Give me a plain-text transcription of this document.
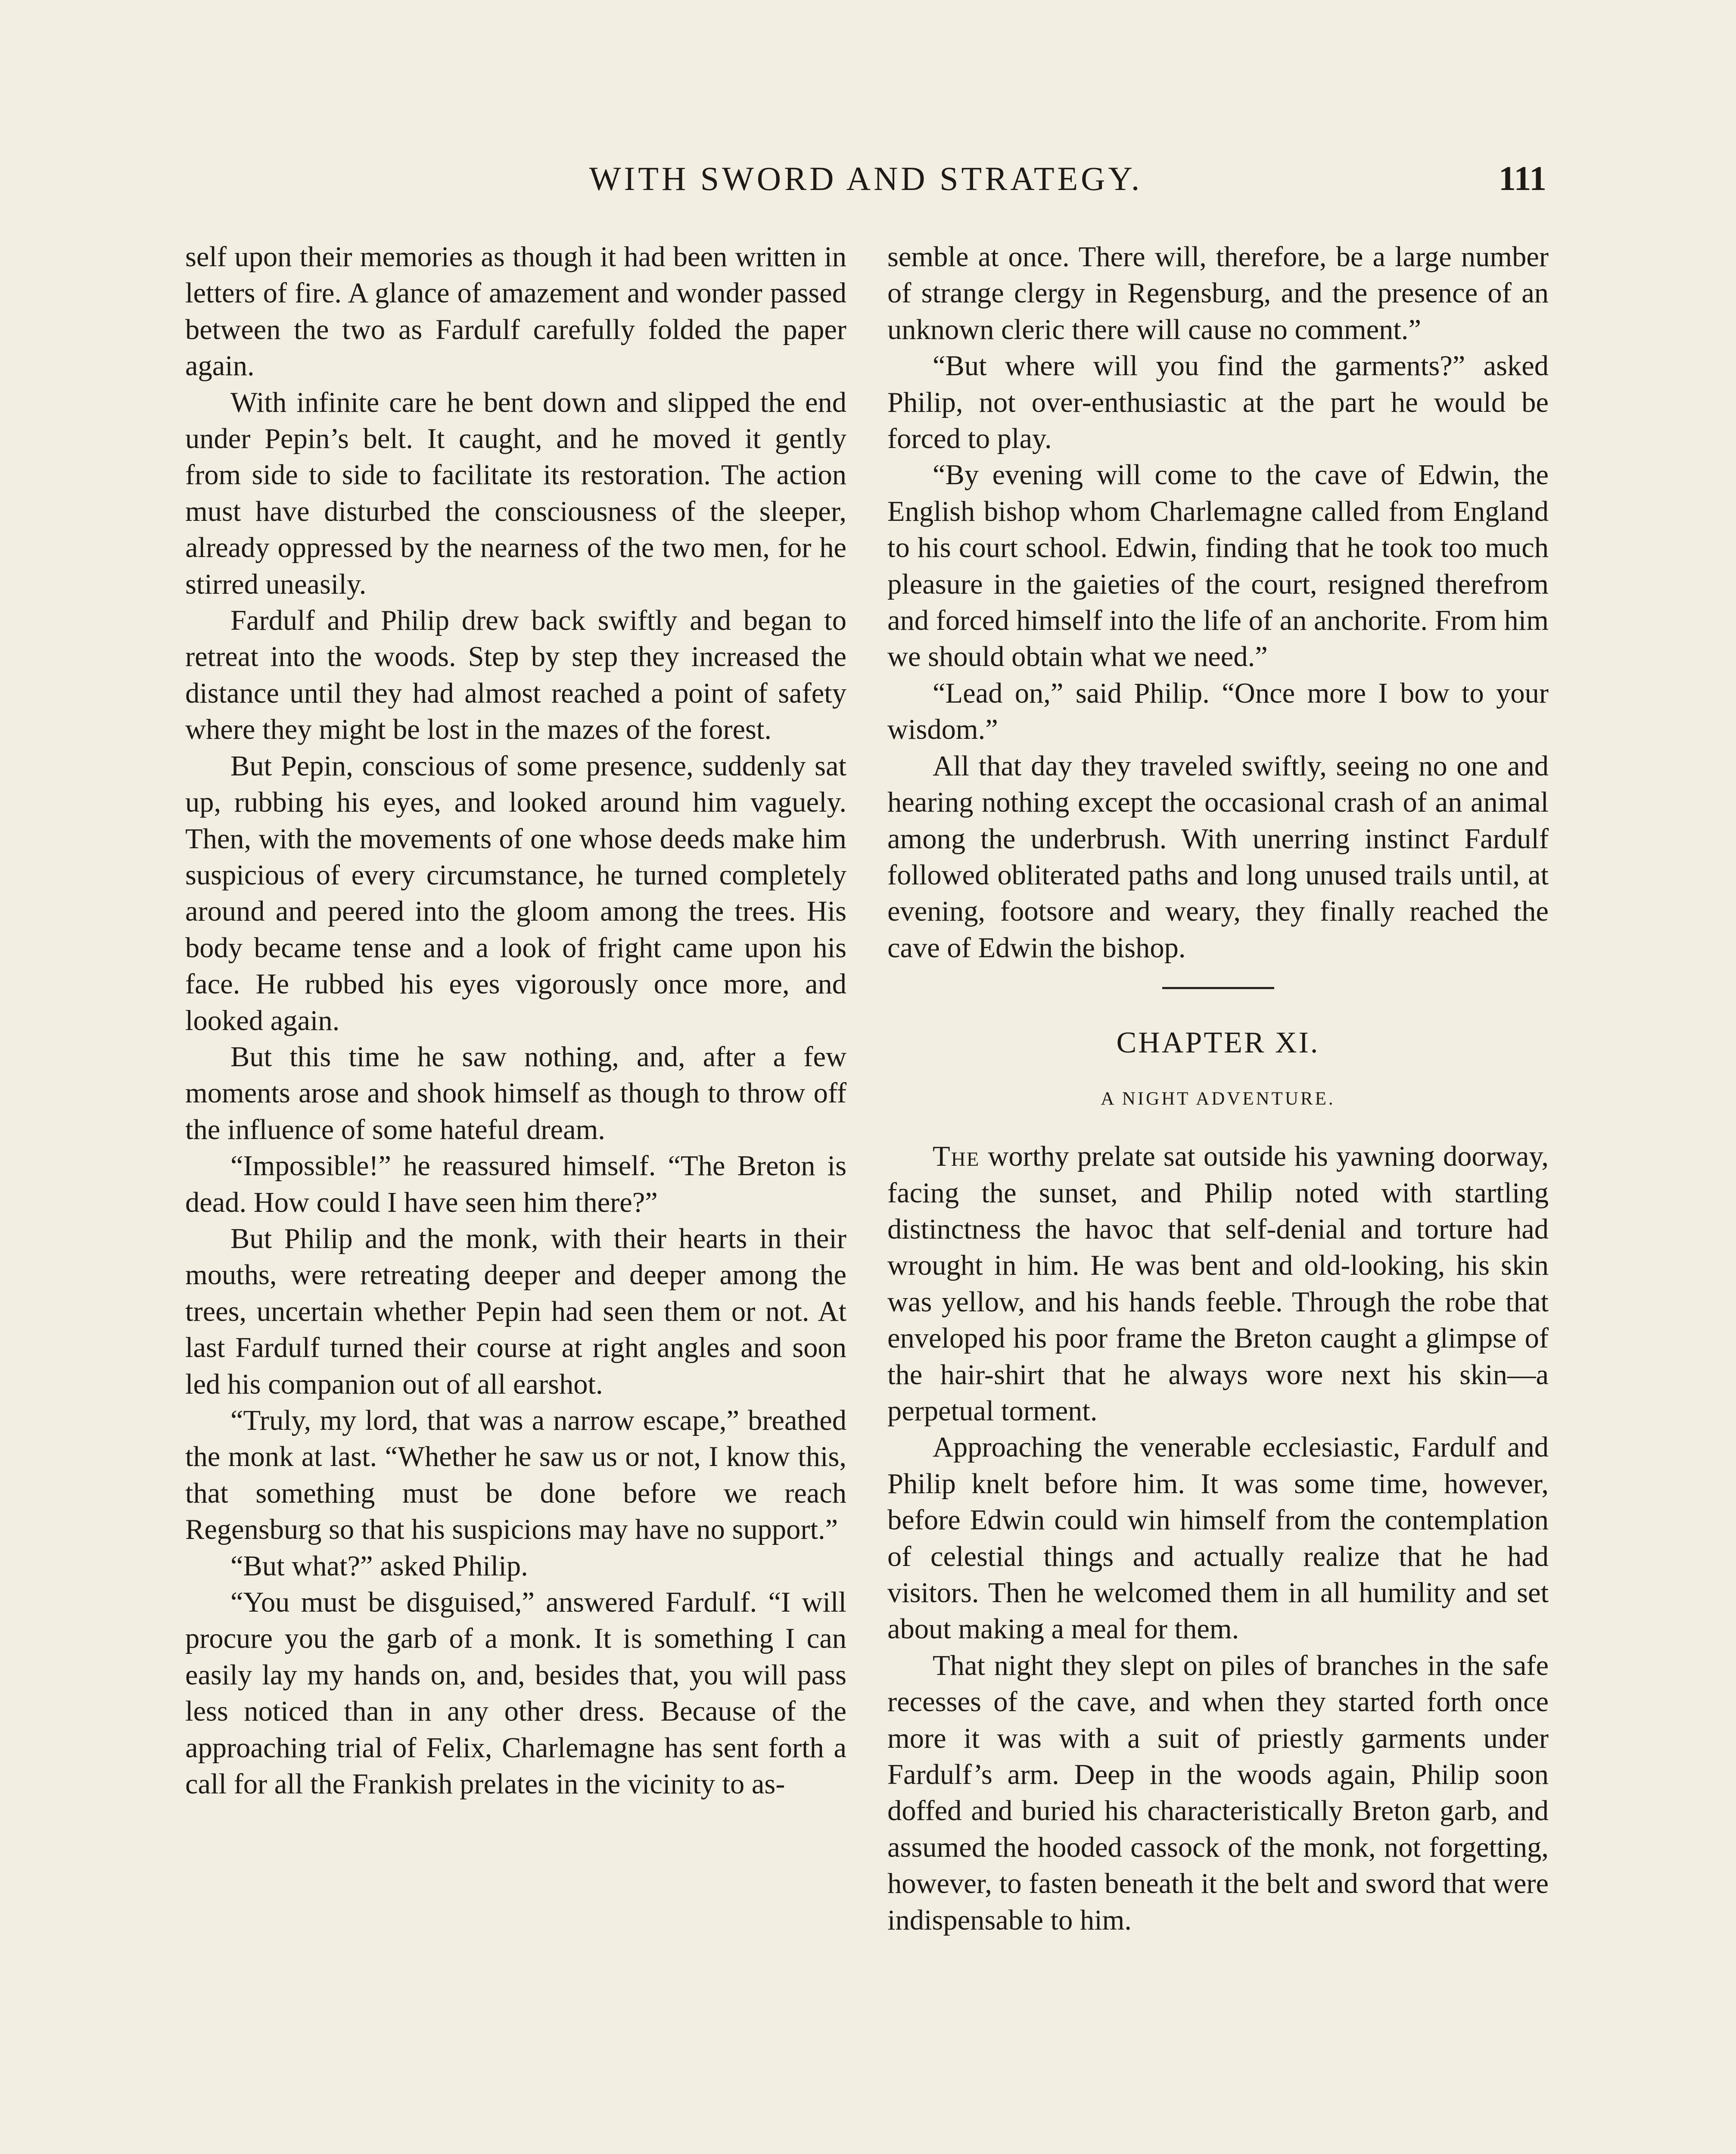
WITH SWORD AND STRATEGY.	111

self upon their memories as though it had been written in letters of fire. A glance of amazement and wonder passed between the two as Fardulf carefully folded the paper again.

With infinite care he bent down and slipped the end under Pepin’s belt. It caught, and he moved it gently from side to side to facilitate its restoration. The action must have disturbed the consciousness of the sleeper, already oppressed by the nearness of the two men, for he stirred uneasily.

Fardulf and Philip drew back swiftly and began to retreat into the woods. Step by step they increased the distance until they had almost reached a point of safety where they might be lost in the mazes of the forest.

But Pepin, conscious of some presence, suddenly sat up, rubbing his eyes, and looked around him vaguely. Then, with the movements of one whose deeds make him suspicious of every circumstance, he turned completely around and peered into the gloom among the trees. His body became tense and a look of fright came upon his face. He rubbed his eyes vigorously once more, and looked again.

But this time he saw nothing, and, after a few moments arose and shook himself as though to throw off the influence of some hateful dream.

“Impossible!” he reassured himself. “The Breton is dead. How could I have seen him there?”

But Philip and the monk, with their hearts in their mouths, were retreating deeper and deeper among the trees, uncertain whether Pepin had seen them or not. At last Fardulf turned their course at right angles and soon led his companion out of all earshot.

“Truly, my lord, that was a narrow escape,” breathed the monk at last. “Whether he saw us or not, I know this, that something must be done before we reach Regensburg so that his suspicions may have no support.”

“But what?” asked Philip.

“You must be disguised,” answered Fardulf. “I will procure you the garb of a monk. It is something I can easily lay my hands on, and, besides that, you will pass less noticed than in any other dress. Because of the approaching trial of Felix, Charlemagne has sent forth a call for all the Frankish prelates in the vicinity to as-

semble at once. There will, therefore, be a large number of strange clergy in Regensburg, and the presence of an unknown cleric there will cause no comment.”

“But where will you find the garments?” asked Philip, not over-enthusiastic at the part he would be forced to play.

“By evening will come to the cave of Edwin, the English bishop whom Charlemagne called from England to his court school. Edwin, finding that he took too much pleasure in the gaieties of the court, resigned therefrom and forced himself into the life of an anchorite. From him we should obtain what we need.”

“Lead on,” said Philip. “Once more I bow to your wisdom.”

All that day they traveled swiftly, seeing no one and hearing nothing except the occasional crash of an animal among the underbrush. With unerring instinct Fardulf followed obliterated paths and long unused trails until, at evening, footsore and weary, they finally reached the cave of Edwin the bishop.

CHAPTER XI.
A NIGHT ADVENTURE.

The worthy prelate sat outside his yawning doorway, facing the sunset, and Philip noted with startling distinctness the havoc that self-denial and torture had wrought in him. He was bent and old-looking, his skin was yellow, and his hands feeble. Through the robe that enveloped his poor frame the Breton caught a glimpse of the hair-shirt that he always wore next his skin—a perpetual torment.

Approaching the venerable ecclesiastic, Fardulf and Philip knelt before him. It was some time, however, before Edwin could win himself from the contemplation of celestial things and actually realize that he had visitors. Then he welcomed them in all humility and set about making a meal for them.

That night they slept on piles of branches in the safe recesses of the cave, and when they started forth once more it was with a suit of priestly garments under Fardulf’s arm. Deep in the woods again, Philip soon doffed and buried his characteristically Breton garb, and assumed the hooded cassock of the monk, not forgetting, however, to fasten beneath it the belt and sword that were indispensable to him.
